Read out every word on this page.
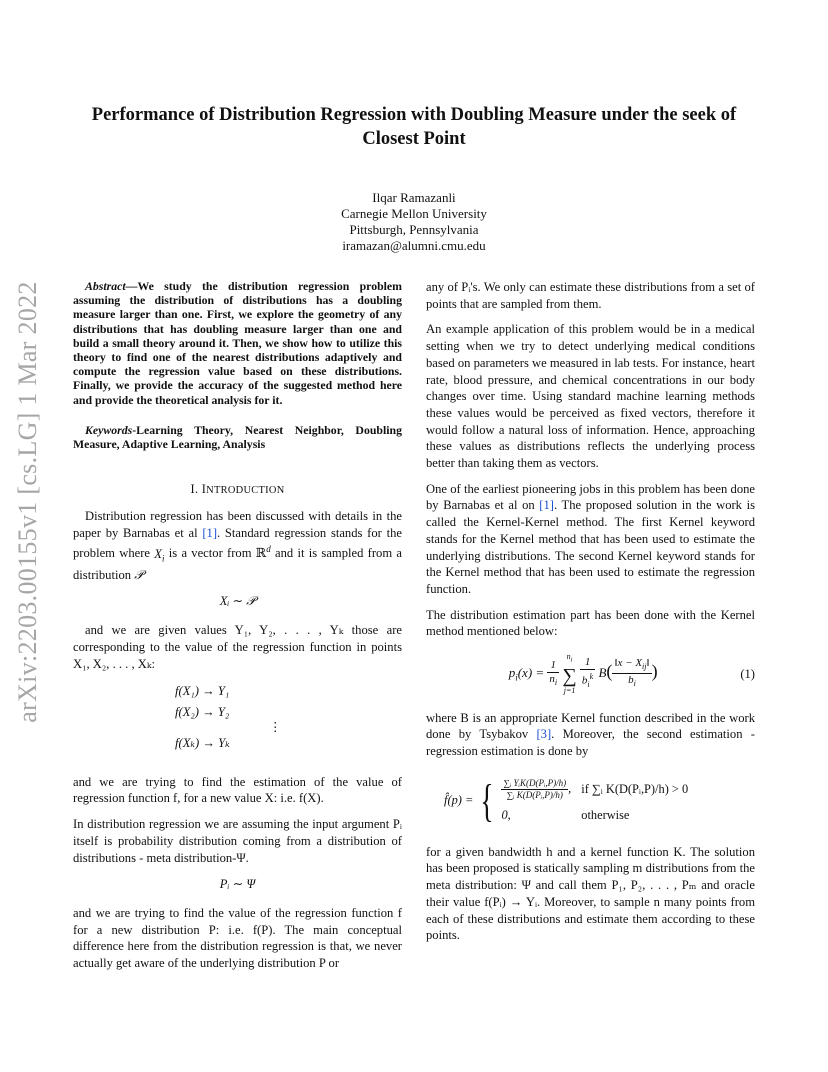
arXiv:2203.00155v1 [cs.LG] 1 Mar 2022
Performance of Distribution Regression with Doubling Measure under the seek of Closest Point
Ilqar Ramazanli
Carnegie Mellon University
Pittsburgh, Pennsylvania
iramazan@alumni.cmu.edu

Abstract—We study the distribution regression problem assuming the distribution of distributions has a doubling measure larger than one. First, we explore the geometry of any distributions that has doubling measure larger than one and build a small theory around it. Then, we show how to utilize this theory to find one of the nearest distributions adaptively and compute the regression value based on these distributions. Finally, we provide the accuracy of the suggested method here and provide the theoretical analysis for it.

Keywords-Learning Theory, Nearest Neighbor, Doubling Measure, Adaptive Learning, Analysis

I. INTRODUCTION

Distribution regression has been discussed with details in the paper by Barnabas et al [1]. Standard regression stands for the problem where $X_i$ is a vector from ℝ$^d$ and it is sampled from a distribution 𝒫

Xᵢ ∼ 𝒫

and we are given values Y₁, Y₂, . . . , Yₖ those are corresponding to the value of the regression function in points X₁, X₂, . . . , Xₖ:

f(X₁) → Y₁
f(X₂) → Y₂
⋮
f(Xₖ) → Yₖ

and we are trying to find the estimation of the value of regression function f, for a new value X: i.e. f(X).

In distribution regression we are assuming the input argument Pᵢ itself is probability distribution coming from a distribution of distributions - meta distribution-Ψ.

Pᵢ ∼ Ψ

and we are trying to find the value of the regression function f for a new distribution P: i.e. f(P). The main conceptual difference here from the distribution regression is that, we never actually get aware of the underlying distribution P or

any of Pᵢ's. We only can estimate these distributions from a set of points that are sampled from them.

An example application of this problem would be in a medical setting when we try to detect underlying medical conditions based on parameters we measured in lab tests. For instance, heart rate, blood pressure, and chemical concentrations in our body changes over time. Using standard machine learning methods these values would be perceived as fixed vectors, therefore it would follow a natural loss of information. Hence, approaching these values as distributions reflects the underlying process better than taking them as vectors.

One of the earliest pioneering jobs in this problem has been done by Barnabas et al on [1]. The proposed solution in the work is called the Kernel-Kernel method. The first Kernel keyword stands for the Kernel method that has been used to estimate the underlying distributions. The second Kernel keyword stands for the Kernel method that has been used to estimate the regression function.

The distribution estimation part has been done with the Kernel method mentioned below:

$p_i(x) = \frac{1}{n_i}$

$n_i$
∑
j=1
$\frac{1}{b_i^k} B( \frac{‖x - X_{ij}‖}{b_i}$ )	(1)

where B is an appropriate Kernel function described in the work done by Tsybakov [3]. Moreover, the second estimation - regression estimation is done by

f̂(p) = { $\frac{\text{∑ᵢ YᵢK(D(Pᵢ,P)/h)}}{\text{∑ᵢ K(D(Pᵢ,P)/h)}}$ , if ∑ᵢ K(D(Pᵢ,P)/h) > 0
0,	otherwise

for a given bandwidth h and a kernel function K. The solution has been proposed is statically sampling m distributions from the meta distribution: Ψ and call them P₁, P₂, . . . , Pₘ and oracle their value f(Pᵢ) → Yᵢ. Moreover, to sample n many points from each of these distributions and estimate them according to these points.
